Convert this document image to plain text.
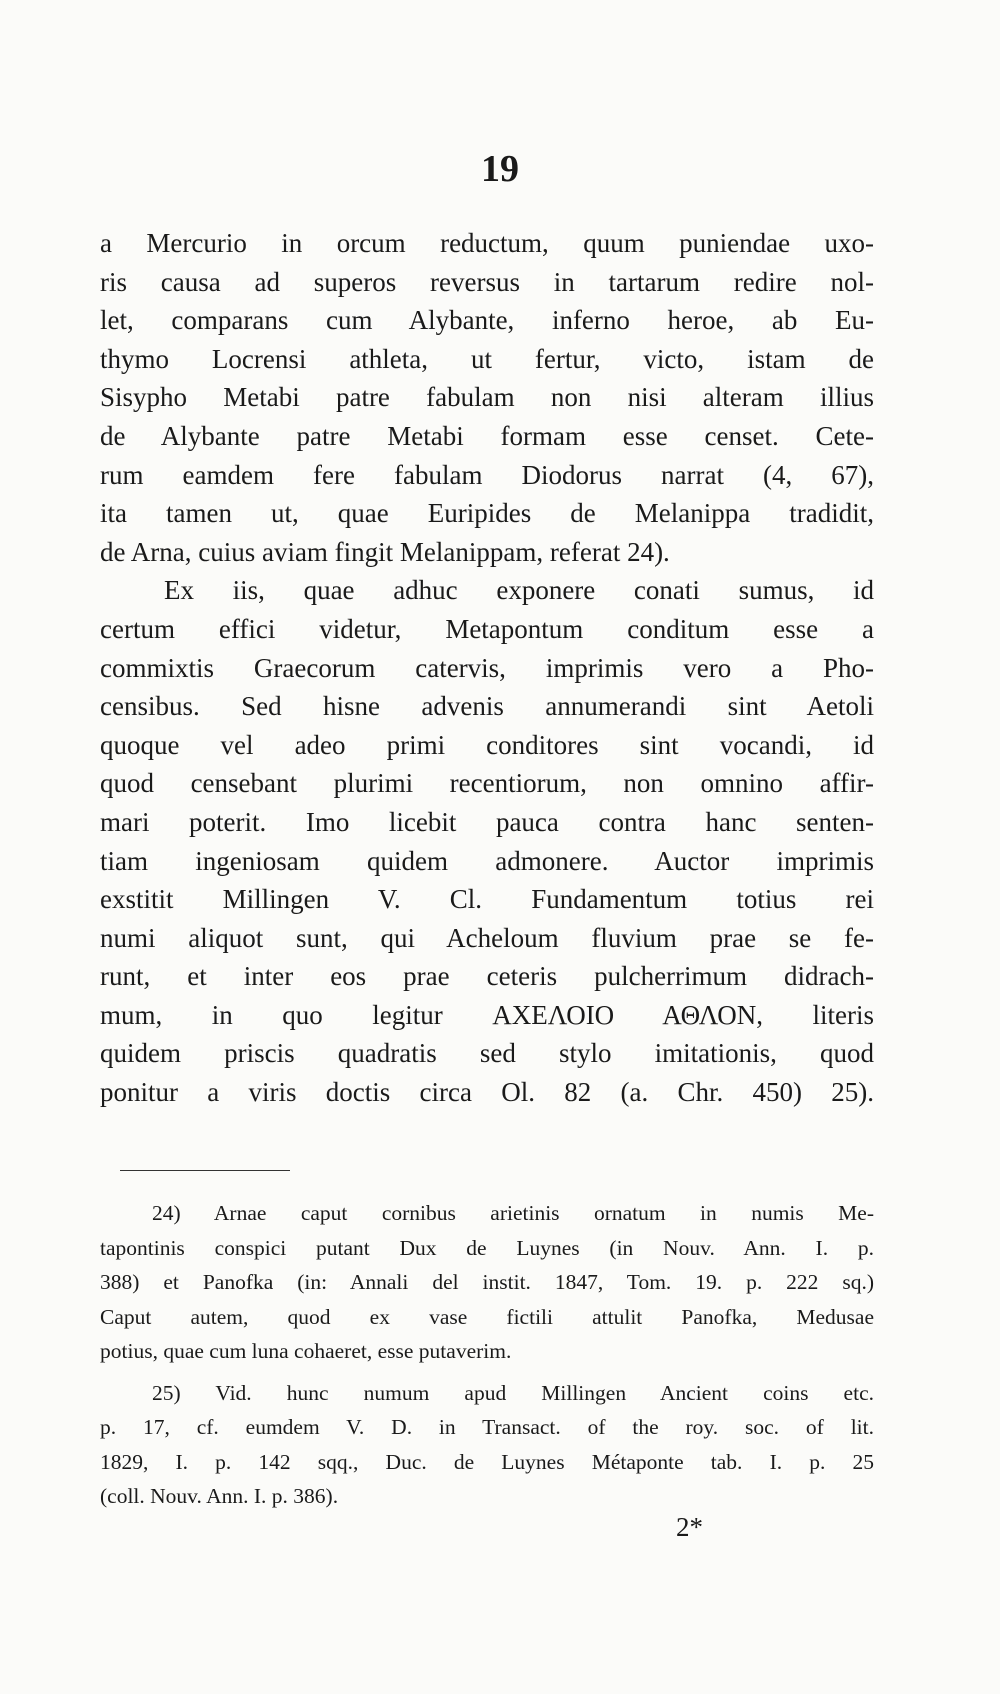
19
a Mercurio in orcum reductum, quum puniendae uxo-
ris causa ad superos reversus in tartarum redire nol-
let, comparans cum Alybante, inferno heroe, ab Eu-
thymo Locrensi athleta, ut fertur, victo, istam de
Sisypho Metabi patre fabulam non nisi alteram illius
de Alybante patre Metabi formam esse censet. Cete-
rum eamdem fere fabulam Diodorus narrat (4, 67),
ita tamen ut, quae Euripides de Melanippa tradidit,
de Arna, cuius aviam fingit Melanippam, referat 24).
Ex iis, quae adhuc exponere conati sumus, id
certum effici videtur, Metapontum conditum esse a
commixtis Graecorum catervis, imprimis vero a Pho-
censibus. Sed hisne advenis annumerandi sint Aetoli
quoque vel adeo primi conditores sint vocandi, id
quod censebant plurimi recentiorum, non omnino affir-
mari poterit. Imo licebit pauca contra hanc senten-
tiam ingeniosam quidem admonere. Auctor imprimis
exstitit Millingen V. Cl. Fundamentum totius rei
numi aliquot sunt, qui Acheloum fluvium prae se fe-
runt, et inter eos prae ceteris pulcherrimum didrach-
mum, in quo legitur ΑΧΕΛΟΙΟ ΑΘΛΟΝ, literis
quidem priscis quadratis sed stylo imitationis, quod
ponitur a viris doctis circa Ol. 82 (a. Chr. 450) 25).
24) Arnae caput cornibus arietinis ornatum in numis Me-
tapontinis conspici putant Dux de Luynes (in Nouv. Ann. I. p.
388) et Panofka (in: Annali del instit. 1847, Tom. 19. p. 222 sq.)
Caput autem, quod ex vase fictili attulit Panofka, Medusae
potius, quae cum luna cohaeret, esse putaverim.
25) Vid. hunc numum apud Millingen Ancient coins etc.
p. 17, cf. eumdem V. D. in Transact. of the roy. soc. of lit.
1829, I. p. 142 sqq., Duc. de Luynes Métaponte tab. I. p. 25
(coll. Nouv. Ann. I. p. 386).
2*
